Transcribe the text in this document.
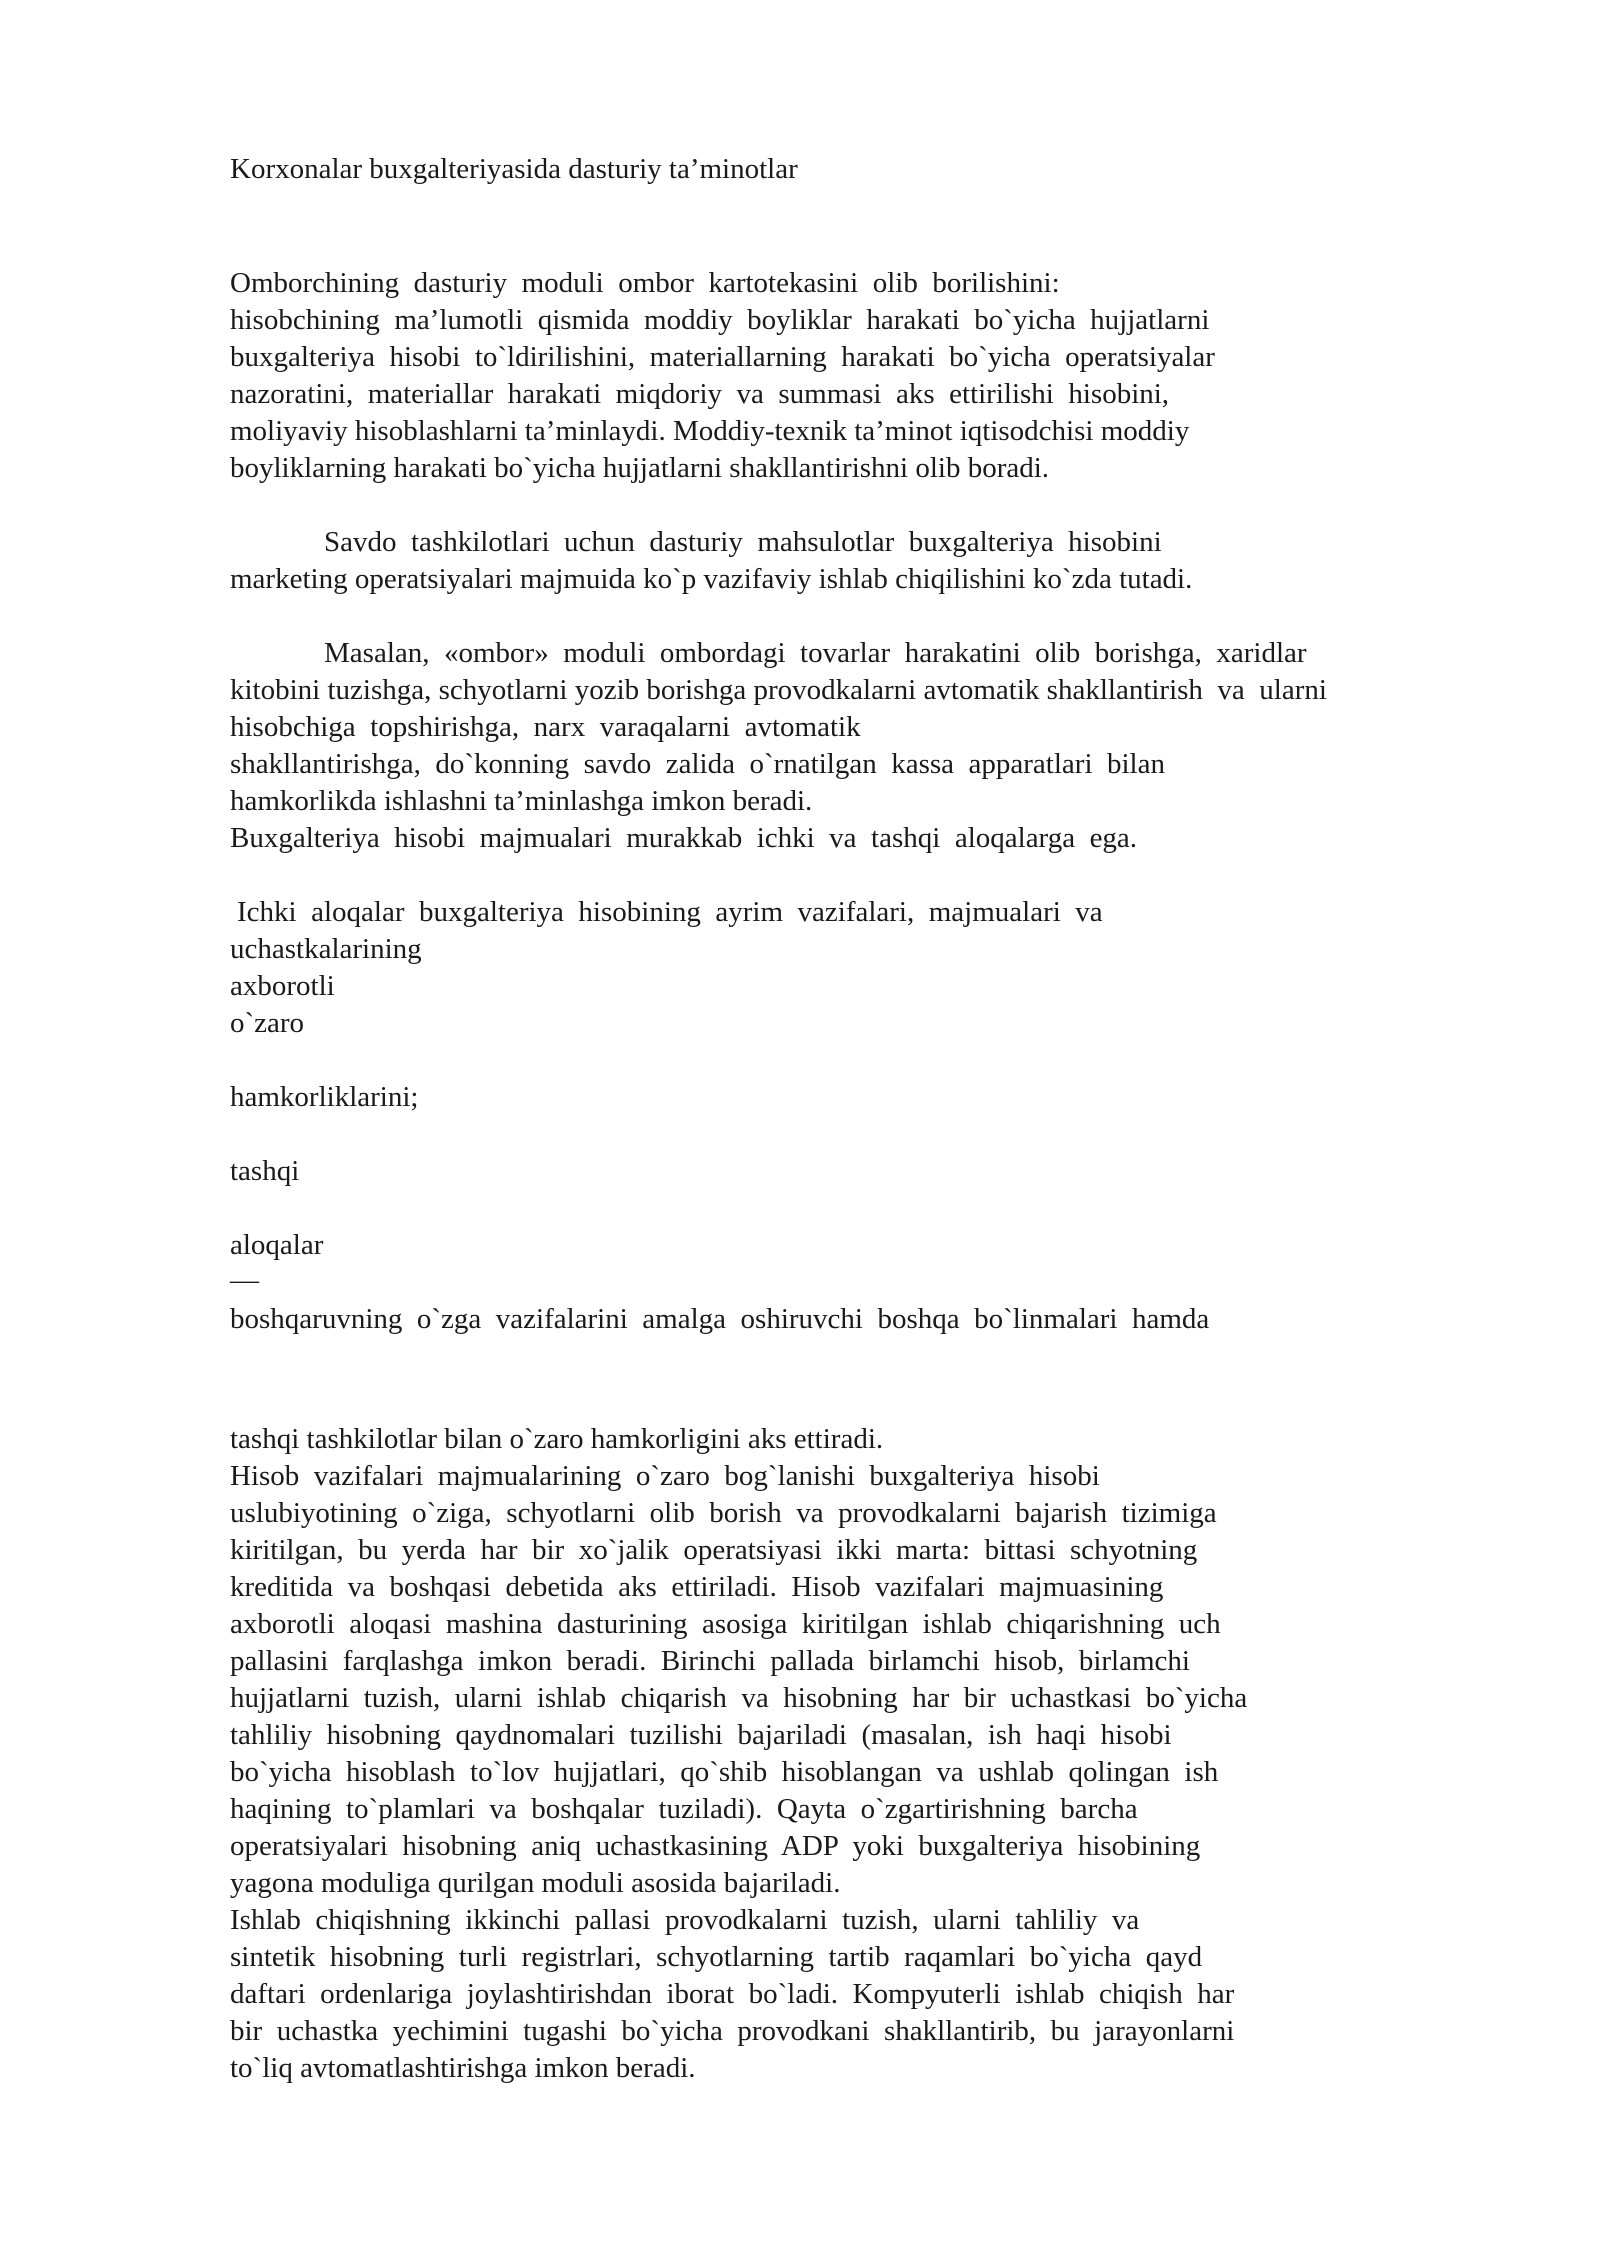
Korxonalar buxgalteriyasida dasturiy ta’minotlar

Omborchining  dasturiy  moduli  ombor  kartotekasini  olib  borilishini:

hisobchining  ma’lumotli  qismida  moddiy  boyliklar  harakati  bo`yicha  hujjatlarni

buxgalteriya  hisobi  to`ldirilishini,  materiallarning  harakati  bo`yicha  operatsiyalar

nazoratini,  materiallar  harakati  miqdoriy  va  summasi  aks  ettirilishi  hisobini,

moliyaviy hisoblashlarni ta’minlaydi. Moddiy-texnik ta’minot iqtisodchisi moddiy

boyliklarning harakati bo`yicha hujjatlarni shakllantirishni olib boradi.

Savdo  tashkilotlari  uchun  dasturiy  mahsulotlar  buxgalteriya  hisobini

marketing operatsiyalari majmuida ko`p vazifaviy ishlab chiqilishini ko`zda tutadi.

Masalan,  «ombor»  moduli  ombordagi  tovarlar  harakatini  olib  borishga,  xaridlar

kitobini tuzishga, schyotlarni yozib borishga provodkalarni avtomatik shakllantirish  va  ularni

hisobchiga  topshirishga,  narx  varaqalarni  avtomatik

shakllantirishga,  do`konning  savdo  zalida  o`rnatilgan  kassa  apparatlari  bilan

hamkorlikda ishlashni ta’minlashga imkon beradi.

Buxgalteriya  hisobi  majmualari  murakkab  ichki  va  tashqi  aloqalarga  ega.

Ichki  aloqalar  buxgalteriya  hisobining  ayrim  vazifalari,  majmualari  va

uchastkalarining

axborotli

o`zaro

hamkorliklarini;

tashqi

aloqalar

—

boshqaruvning  o`zga  vazifalarini  amalga  oshiruvchi  boshqa  bo`linmalari  hamda

tashqi tashkilotlar bilan o`zaro hamkorligini aks ettiradi.

Hisob  vazifalari  majmualarining  o`zaro  bog`lanishi  buxgalteriya  hisobi

uslubiyotining  o`ziga,  schyotlarni  olib  borish  va  provodkalarni  bajarish  tizimiga

kiritilgan,  bu  yerda  har  bir  xo`jalik  operatsiyasi  ikki  marta:  bittasi  schyotning

kreditida  va  boshqasi  debetida  aks  ettiriladi.  Hisob  vazifalari  majmuasining

axborotli  aloqasi  mashina  dasturining  asosiga  kiritilgan  ishlab  chiqarishning  uch

pallasini  farqlashga  imkon  beradi.  Birinchi  pallada  birlamchi  hisob,  birlamchi

hujjatlarni  tuzish,  ularni  ishlab  chiqarish  va  hisobning  har  bir  uchastkasi  bo`yicha

tahliliy  hisobning  qaydnomalari  tuzilishi  bajariladi  (masalan,  ish  haqi  hisobi

bo`yicha  hisoblash  to`lov  hujjatlari,  qo`shib  hisoblangan  va  ushlab  qolingan  ish

haqining  to`plamlari  va  boshqalar  tuziladi).  Qayta  o`zgartirishning  barcha

operatsiyalari  hisobning  aniq  uchastkasining  ADP  yoki  buxgalteriya  hisobining

yagona moduliga qurilgan moduli asosida bajariladi.

Ishlab  chiqishning  ikkinchi  pallasi  provodkalarni  tuzish,  ularni  tahliliy  va

sintetik  hisobning  turli  registrlari,  schyotlarning  tartib  raqamlari  bo`yicha  qayd

daftari  ordenlariga  joylashtirishdan  iborat  bo`ladi.  Kompyuterli  ishlab  chiqish  har

bir  uchastka  yechimini  tugashi  bo`yicha  provodkani  shakllantirib,  bu  jarayonlarni

to`liq avtomatlashtirishga imkon beradi.
